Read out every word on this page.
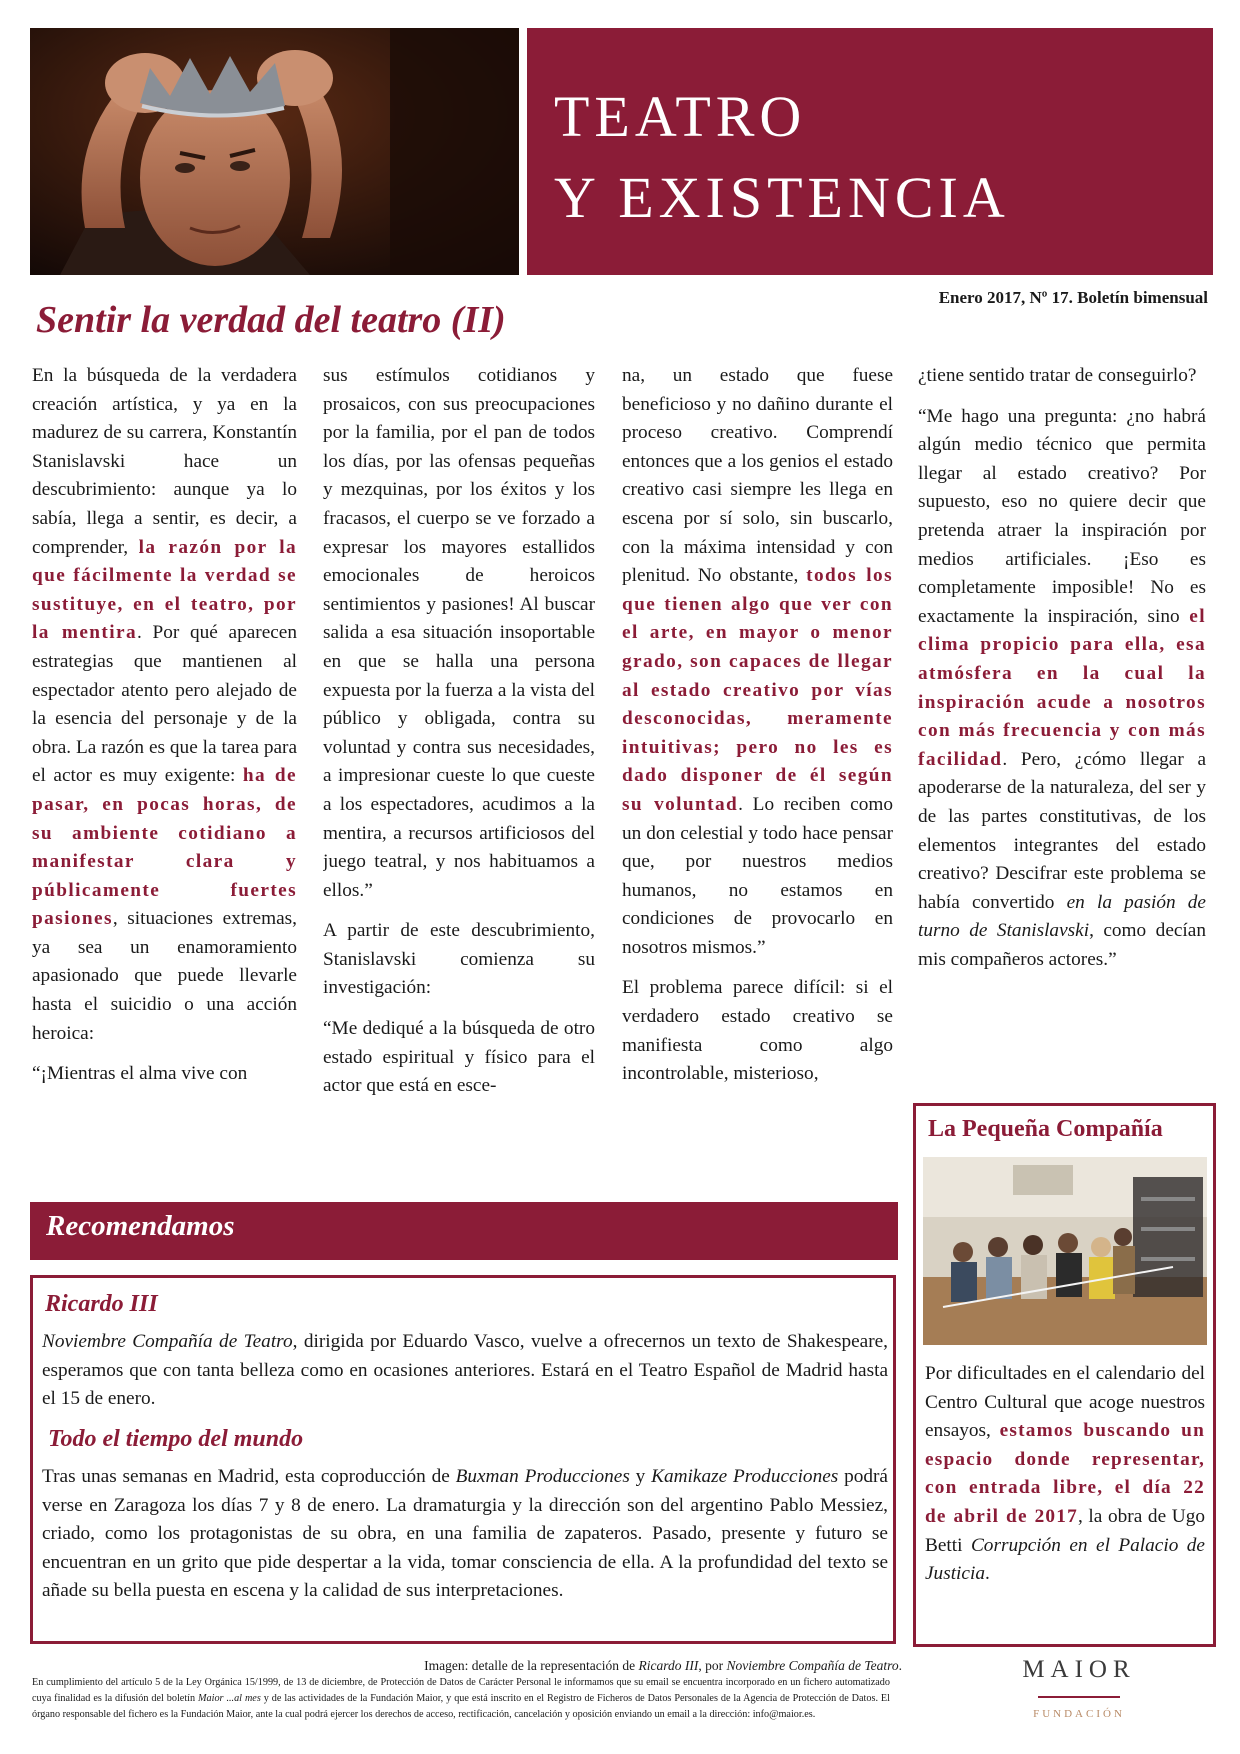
TEATRO
Y EXISTENCIA
Enero 2017, Nº 17. Boletín bimensual
Sentir la verdad del teatro (II)

En la búsqueda de la verdadera creación artística, y ya en la madurez de su carrera, Konstantín Stanislavski hace un descubrimiento: aunque ya lo sabía, llega a sentir, es decir, a comprender, la razón por la que fácilmente la verdad se sustituye, en el teatro, por la mentira. Por qué aparecen estrategias que mantienen al espectador atento pero alejado de la esencia del personaje y de la obra. La razón es que la tarea para el actor es muy exigente: ha de pasar, en pocas horas, de su ambiente cotidiano a manifestar clara y públicamente fuertes pasiones, situaciones extremas, ya sea un enamoramiento apasionado que puede llevarle hasta el suicidio o una acción heroica:

“¡Mientras el alma vive con

sus estímulos cotidianos y prosaicos, con sus preocupaciones por la familia, por el pan de todos los días, por las ofensas pequeñas y mezquinas, por los éxitos y los fracasos, el cuerpo se ve forzado a expresar los mayores estallidos emocionales de heroicos sentimientos y pasiones! Al buscar salida a esa situación insoportable en que se halla una persona expuesta por la fuerza a la vista del público y obligada, contra su voluntad y contra sus necesidades, a impresionar cueste lo que cueste a los espectadores, acudimos a la mentira, a recursos artificiosos del juego teatral, y nos habituamos a ellos.”

A partir de este descubrimiento, Stanislavski comienza su investigación:

“Me dediqué a la búsqueda de otro estado espiritual y físico para el actor que está en esce-

na, un estado que fuese beneficioso y no dañino durante el proceso creativo. Comprendí entonces que a los genios el estado creativo casi siempre les llega en escena por sí solo, sin buscarlo, con la máxima intensidad y con plenitud. No obstante, todos los que tienen algo que ver con el arte, en mayor o menor grado, son capaces de llegar al estado creativo por vías desconocidas, meramente intuitivas; pero no les es dado disponer de él según su voluntad. Lo reciben como un don celestial y todo hace pensar que, por nuestros medios humanos, no estamos en condiciones de provocarlo en nosotros mismos.”

El problema parece difícil: si el verdadero estado creativo se manifiesta como algo incontrolable, misterioso,

¿tiene sentido tratar de conseguirlo?

“Me hago una pregunta: ¿no habrá algún medio técnico que permita llegar al estado creativo? Por supuesto, eso no quiere decir que pretenda atraer la inspiración por medios artificiales. ¡Eso es completamente imposible! No es exactamente la inspiración, sino el clima propicio para ella, esa atmósfera en la cual la inspiración acude a nosotros con más frecuencia y con más facilidad. Pero, ¿cómo llegar a apoderarse de la naturaleza, del ser y de las partes constitutivas, de los elementos integrantes del estado creativo? Descifrar este problema se había convertido en la pasión de turno de Stanislavski, como decían mis compañeros actores.”

Recomendamos
Ricardo III

Noviembre Compañía de Teatro, dirigida por Eduardo Vasco, vuelve a ofrecernos un texto de Shakespeare, esperamos que con tanta belleza como en ocasiones anteriores. Estará en el Teatro Español de Madrid hasta el 15 de enero.

Todo el tiempo del mundo

Tras unas semanas en Madrid, esta coproducción de Buxman Producciones y Kamikaze Producciones podrá verse en Zaragoza los días 7 y 8 de enero. La dramaturgia y la dirección son del argentino Pablo Messiez, criado, como los protagonistas de su obra, en una familia de zapateros. Pasado, presente y futuro se encuentran en un grito que pide despertar a la vida, tomar consciencia de ella. A la profundidad del texto se añade su bella puesta en escena y la calidad de sus interpretaciones.

La Pequeña Compañía

Por dificultades en el calendario del Centro Cultural que acoge nuestros ensayos, estamos buscando un espacio donde representar, con entrada libre, el día 22 de abril de 2017, la obra de Ugo Betti Corrupción en el Palacio de Justicia.

Imagen: detalle de la representación de Ricardo III, por Noviembre Compañía de Teatro.

En cumplimiento del artículo 5 de la Ley Orgánica 15/1999, de 13 de diciembre, de Protección de Datos de Carácter Personal le informamos que su email se encuentra incorporado en un fichero automatizado cuya finalidad es la difusión del boletín Maior ...al mes y de las actividades de la Fundación Maior, y que está inscrito en el Registro de Ficheros de Datos Personales de la Agencia de Protección de Datos. El órgano responsable del fichero es la Fundación Maior, ante la cual podrá ejercer los derechos de acceso, rectificación, cancelación y oposición enviando un email a la dirección: info@maior.es.

MAIOR
FUNDACIÓN
